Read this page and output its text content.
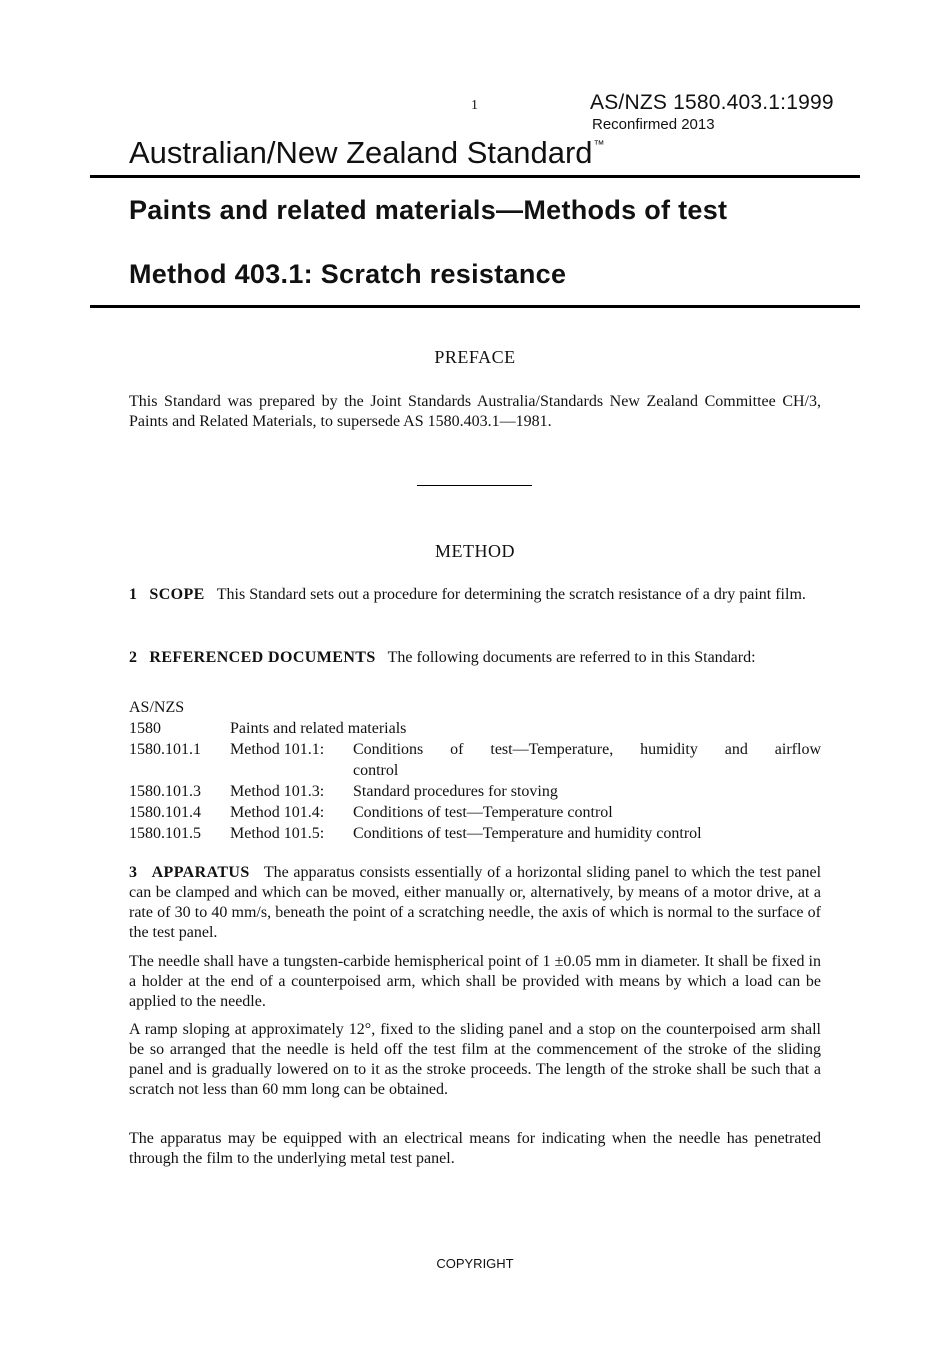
1	AS/NZS 1580.403.1:1999
Reconfirmed 2013
Australian/New Zealand Standard™
Paints and related materials—Methods of test
Method 403.1: Scratch resistance
PREFACE
This Standard was prepared by the Joint Standards Australia/Standards New Zealand Committee CH/3, Paints and Related Materials, to supersede AS 1580.403.1—1981.
METHOD
1 SCOPE This Standard sets out a procedure for determining the scratch resistance of a dry paint film.
2 REFERENCED DOCUMENTS The following documents are referred to in this Standard:
AS/NZS
1580	Paints and related materials
1580.101.1	Method 101.1:	Conditions of test—Temperature, humidity and airflow
control
1580.101.3	Method 101.3:	Standard procedures for stoving
1580.101.4	Method 101.4:	Conditions of test—Temperature control
1580.101.5	Method 101.5:	Conditions of test—Temperature and humidity control
3 APPARATUS The apparatus consists essentially of a horizontal sliding panel to which the test panel can be clamped and which can be moved, either manually or, alternatively, by means of a motor drive, at a rate of 30 to 40 mm/s, beneath the point of a scratching needle, the axis of which is normal to the surface of the test panel.
The needle shall have a tungsten-carbide hemispherical point of 1 ±0.05 mm in diameter. It shall be fixed in a holder at the end of a counterpoised arm, which shall be provided with means by which a load can be applied to the needle.
A ramp sloping at approximately 12°, fixed to the sliding panel and a stop on the counterpoised arm shall be so arranged that the needle is held off the test film at the commencement of the stroke of the sliding panel and is gradually lowered on to it as the stroke proceeds. The length of the stroke shall be such that a scratch not less than 60 mm long can be obtained.
The apparatus may be equipped with an electrical means for indicating when the needle has penetrated through the film to the underlying metal test panel.
COPYRIGHT
